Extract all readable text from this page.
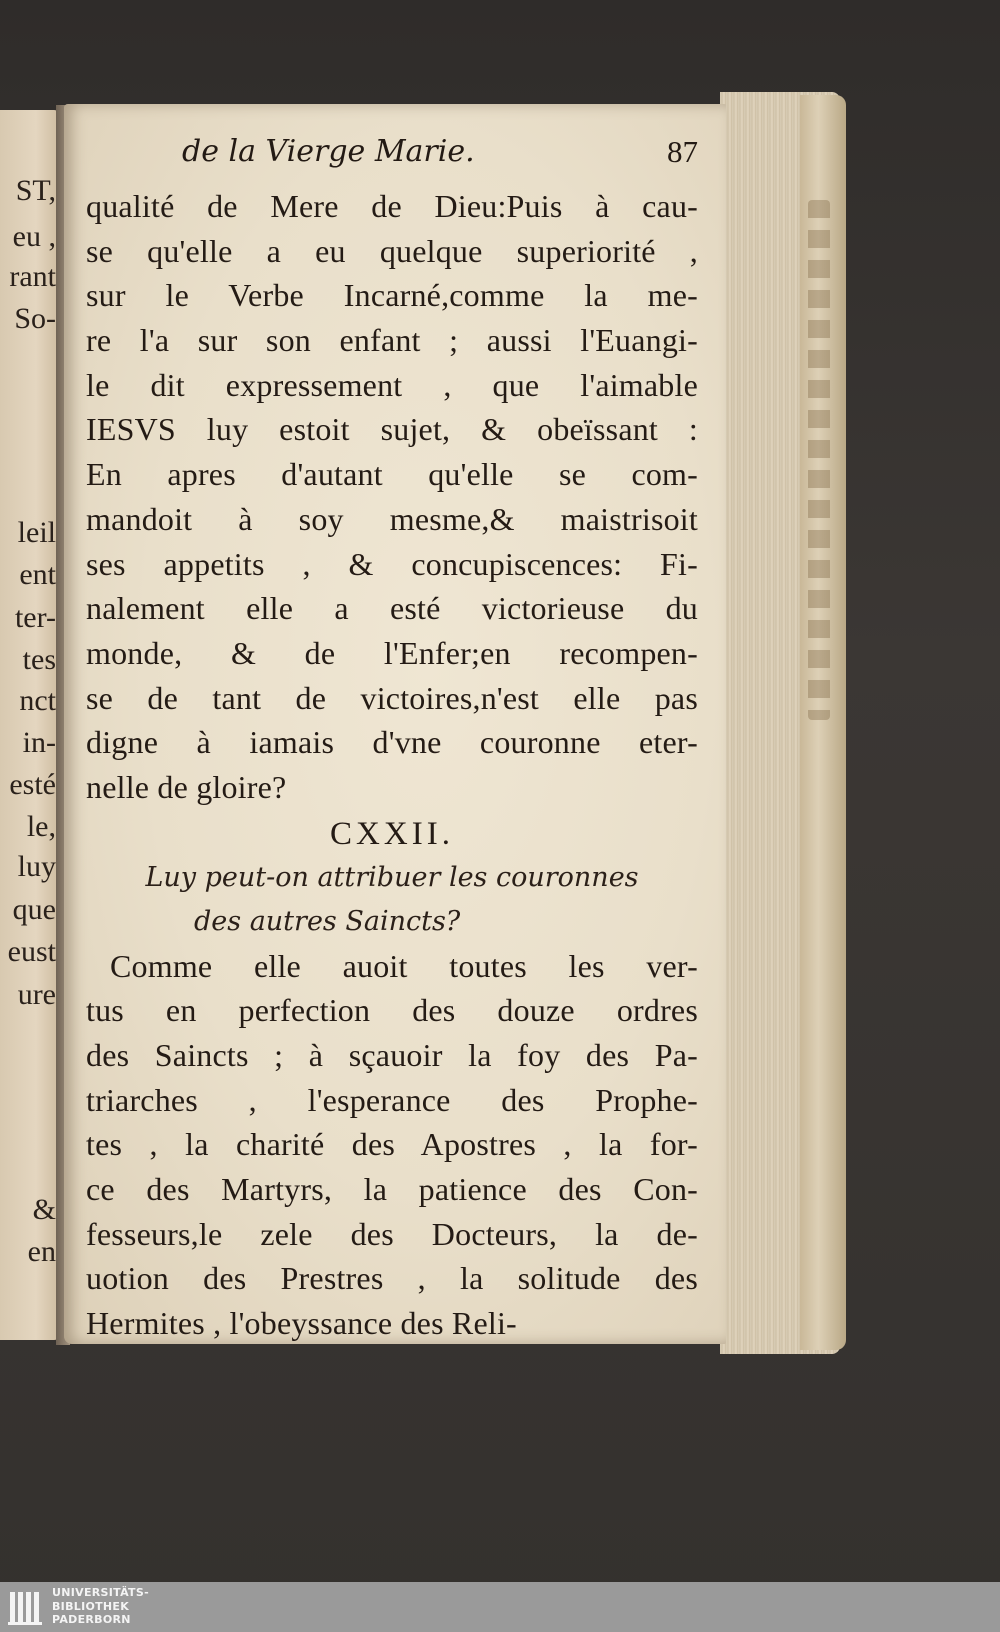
ST,

eu ,

rant

So-

leil

ent

ter-

tes

nct

in-

esté

le,

luy

que

eust

ure

&

en

de la Vierge Marie.	87

qualité de Mere de Dieu:Puis à cau-

se qu'elle a eu quelque superiorité ,

sur le Verbe Incarné,comme la me-

re l'a sur son enfant ; aussi l'Euangi-

le dit expressement , que l'aimable

IESVS luy estoit sujet, & obeïssant :

En apres d'autant qu'elle se com-

mandoit à soy mesme,& maistrisoit

ses appetits , & concupiscences: Fi-

nalement elle a esté victorieuse du

monde, & de l'Enfer;en recompen-

se de tant de victoires,n'est elle pas

digne à iamais d'vne couronne eter-

nelle de gloire?

CXXII.

Luy peut-on attribuer les couronnes

des autres Saincts?

Comme elle auoit toutes les ver-

tus en perfection des douze ordres

des Saincts ; à sçauoir la foy des Pa-

triarches , l'esperance des Prophe-

tes , la charité des Apostres , la for-

ce des Martyrs, la patience des Con-

fesseurs,le zele des Docteurs, la de-

uotion des Prestres , la solitude des

Hermites , l'obeyssance des Reli-

UNIVERSITÄTS-
BIBLIOTHEK
PADERBORN
